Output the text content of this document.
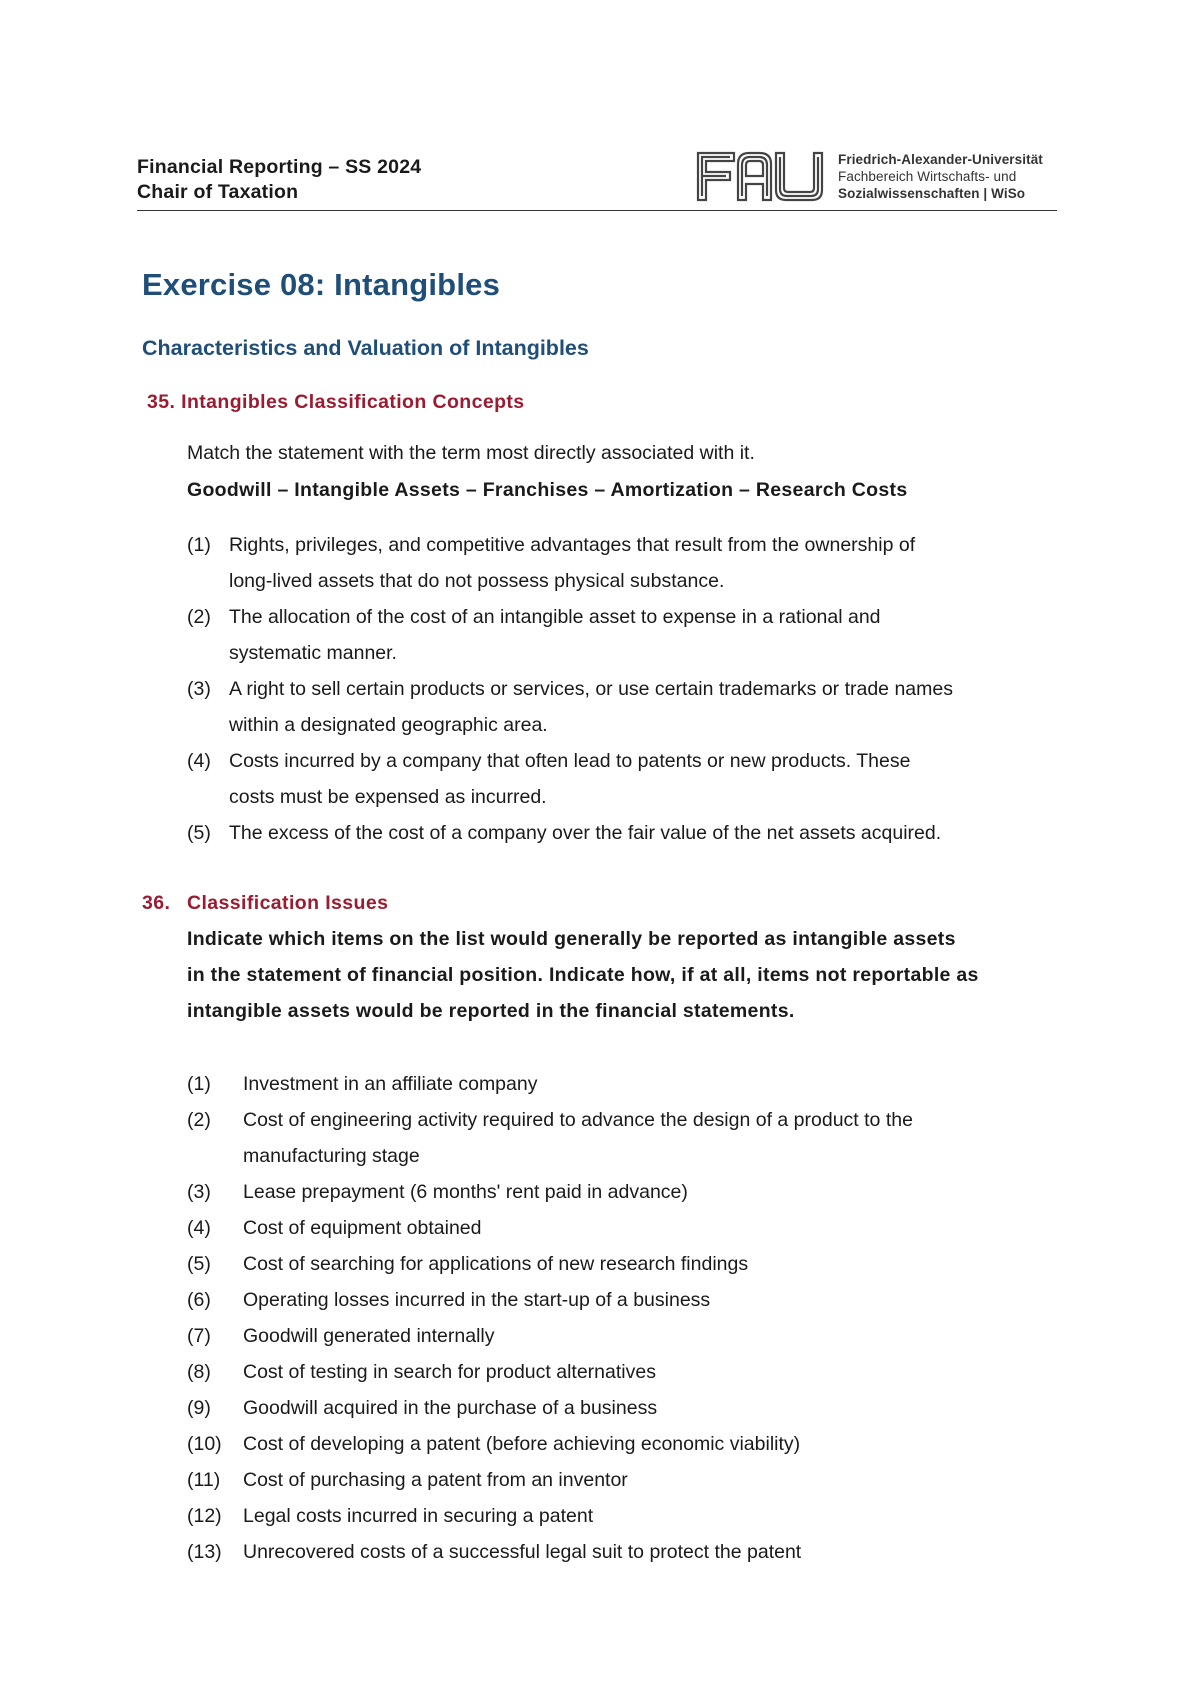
Financial Reporting – SS 2024
Chair of Taxation
Friedrich-Alexander-Universität
Fachbereich Wirtschafts- und
Sozialwissenschaften | WiSo
Exercise 08: Intangibles
Characteristics and Valuation of Intangibles
35. Intangibles Classification Concepts
Match the statement with the term most directly associated with it.
Goodwill – Intangible Assets – Franchises – Amortization – Research Costs
(1) Rights, privileges, and competitive advantages that result from the ownership of
long-lived assets that do not possess physical substance.
(2) The allocation of the cost of an intangible asset to expense in a rational and
systematic manner.
(3) A right to sell certain products or services, or use certain trademarks or trade names
within a designated geographic area.
(4) Costs incurred by a company that often lead to patents or new products. These
costs must be expensed as incurred.
(5) The excess of the cost of a company over the fair value of the net assets acquired.
36. Classification Issues
Indicate which items on the list would generally be reported as intangible assets
in the statement of financial position. Indicate how, if at all, items not reportable as
intangible assets would be reported in the financial statements.
(1) Investment in an affiliate company
(2) Cost of engineering activity required to advance the design of a product to the
manufacturing stage
(3) Lease prepayment (6 months' rent paid in advance)
(4) Cost of equipment obtained
(5) Cost of searching for applications of new research findings
(6) Operating losses incurred in the start-up of a business
(7) Goodwill generated internally
(8) Cost of testing in search for product alternatives
(9) Goodwill acquired in the purchase of a business
(10) Cost of developing a patent (before achieving economic viability)
(11) Cost of purchasing a patent from an inventor
(12) Legal costs incurred in securing a patent
(13) Unrecovered costs of a successful legal suit to protect the patent
